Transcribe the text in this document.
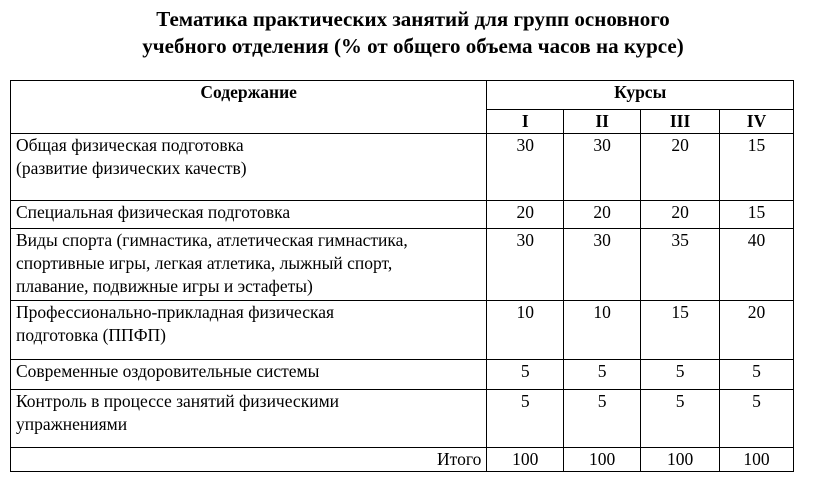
Тематика практических занятий для групп основного
учебного отделения (% от общего объема часов на курсе)
Содержание	Курсы			
	I	II	III	IV

Общая физическая подготовка
(развитие физических качеств)	30	30	20	15

Специальная физическая подготовка	20	20	20	15

Виды спорта (гимнастика, атлетическая гимнастика,
спортивные игры, легкая атлетика, лыжный спорт,
плавание, подвижные игры и эстафеты)	30	30	35	40

Профессионально-прикладная физическая
подготовка (ППФП)	10	10	15	20

Современные оздоровительные системы	5	5	5	5

Контроль в процессе занятий физическими
упражнениями	5	5	5	5
Итого	100	100	100	100
